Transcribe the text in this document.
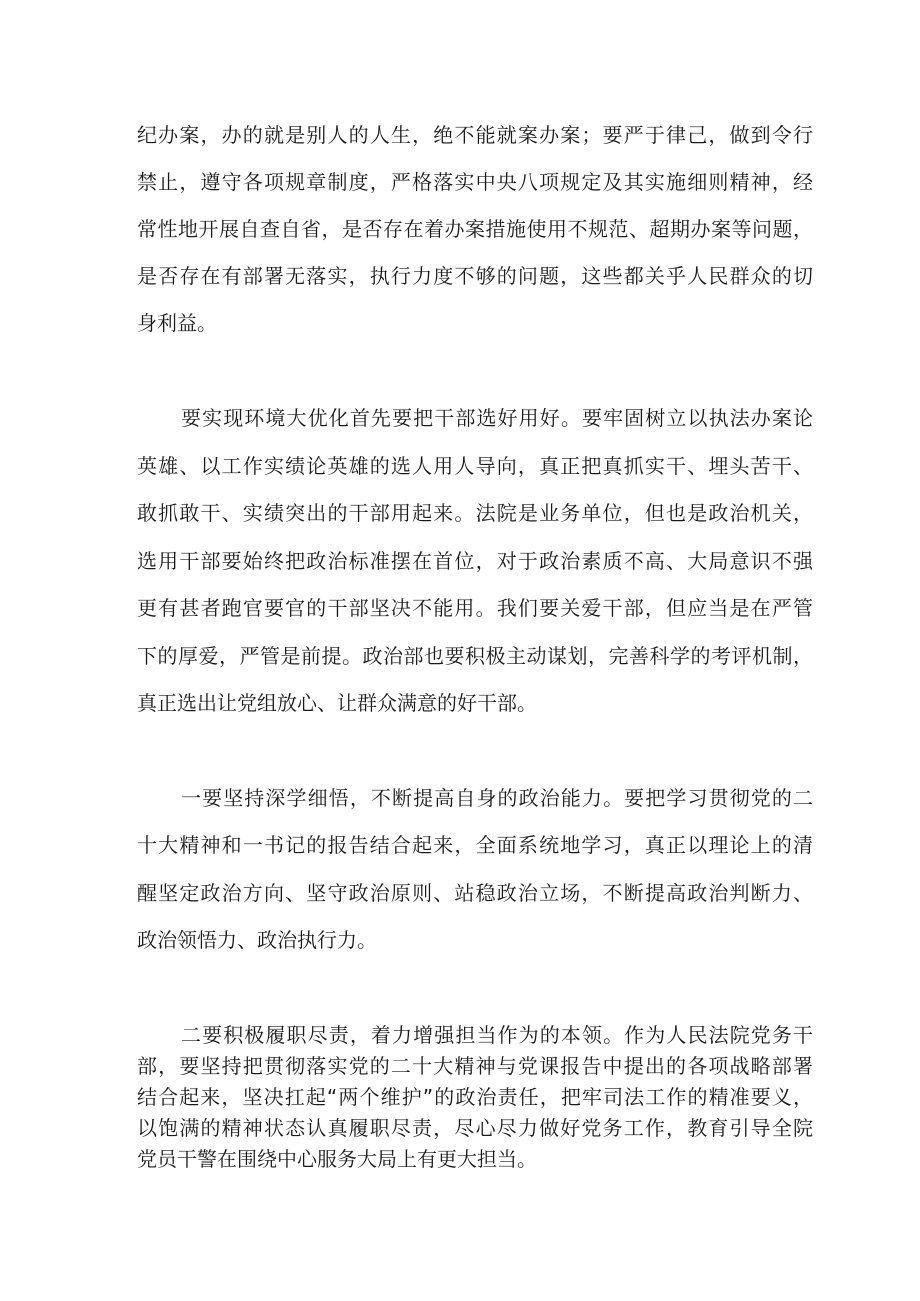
纪办案，办的就是别人的人生，绝不能就案办案；要严于律己，做到令行
禁止，遵守各项规章制度，严格落实中央八项规定及其实施细则精神，经
常性地开展自查自省，是否存在着办案措施使用不规范、超期办案等问题，
是否存在有部署无落实，执行力度不够的问题，这些都关乎人民群众的切
身利益。
要实现环境大优化首先要把干部选好用好。要牢固树立以执法办案论
英雄、以工作实绩论英雄的选人用人导向，真正把真抓实干、埋头苦干、
敢抓敢干、实绩突出的干部用起来。法院是业务单位，但也是政治机关，
选用干部要始终把政治标准摆在首位，对于政治素质不高、大局意识不强
更有甚者跑官要官的干部坚决不能用。我们要关爱干部，但应当是在严管
下的厚爱，严管是前提。政治部也要积极主动谋划，完善科学的考评机制，
真正选出让党组放心、让群众满意的好干部。
一要坚持深学细悟，不断提高自身的政治能力。要把学习贯彻党的二
十大精神和一书记的报告结合起来，全面系统地学习，真正以理论上的清
醒坚定政治方向、坚守政治原则、站稳政治立场，不断提高政治判断力、
政治领悟力、政治执行力。
二要积极履职尽责，着力增强担当作为的本领。作为人民法院党务干
部，要坚持把贯彻落实党的二十大精神与党课报告中提出的各项战略部署
结合起来，坚决扛起“两个维护”的政治责任，把牢司法工作的精准要义，
以饱满的精神状态认真履职尽责，尽心尽力做好党务工作，教育引导全院
党员干警在围绕中心服务大局上有更大担当。
